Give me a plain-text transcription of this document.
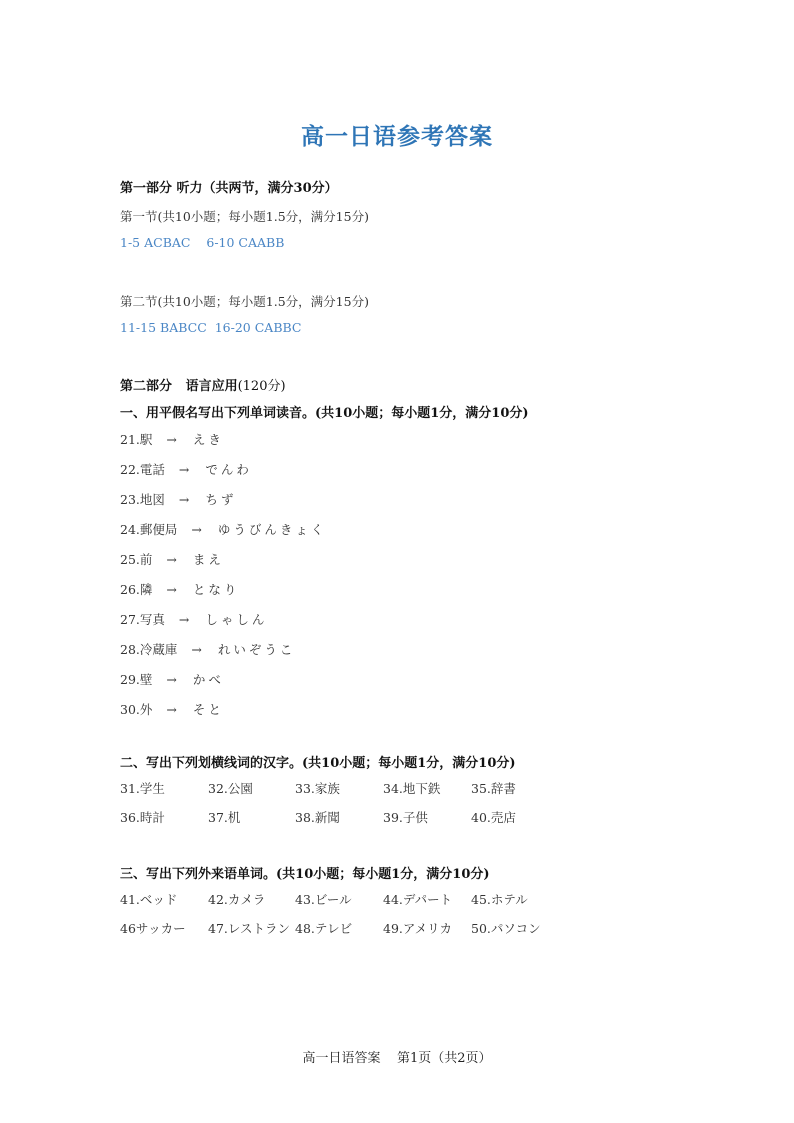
高一日语参考答案
第一部分 听力（共两节，满分30分）
第一节(共10小题；每小题1.5分，满分15分)
1-5 ACBAC    6-10 CAABB
第二节(共10小题；每小题1.5分，满分15分)
11-15 BABCC  16-20 CABBC
第二部分   语言应用(120分)
一、用平假名写出下列单词读音。(共10小题；每小题1分，满分10分)
21.駅 → えき
22.電話 → でんわ
23.地図 → ちず
24.郵便局 → ゆうびんきょく
25.前 → まえ
26.隣 → となり
27.写真 → しゃしん
28.冷蔵庫 → れいぞうこ
29.壁 → かべ
30.外 → そと
二、写出下列划横线词的汉字。(共10小题；每小题1分，满分10分)
31.学生	32.公園	33.家族	34.地下鉄 35.辞書
36.時計	37.机	38.新聞	39.子供	40.売店
三、写出下列外来语单词。(共10小题；每小题1分，满分10分)
41.ベッド 42.カメラ 43.ビール	44.デパート 45.ホテル
46サッカー 47.レストラン 48.テレビ 49.アメリカ 50.パソコン
高一日语答案    第1页（共2页）
